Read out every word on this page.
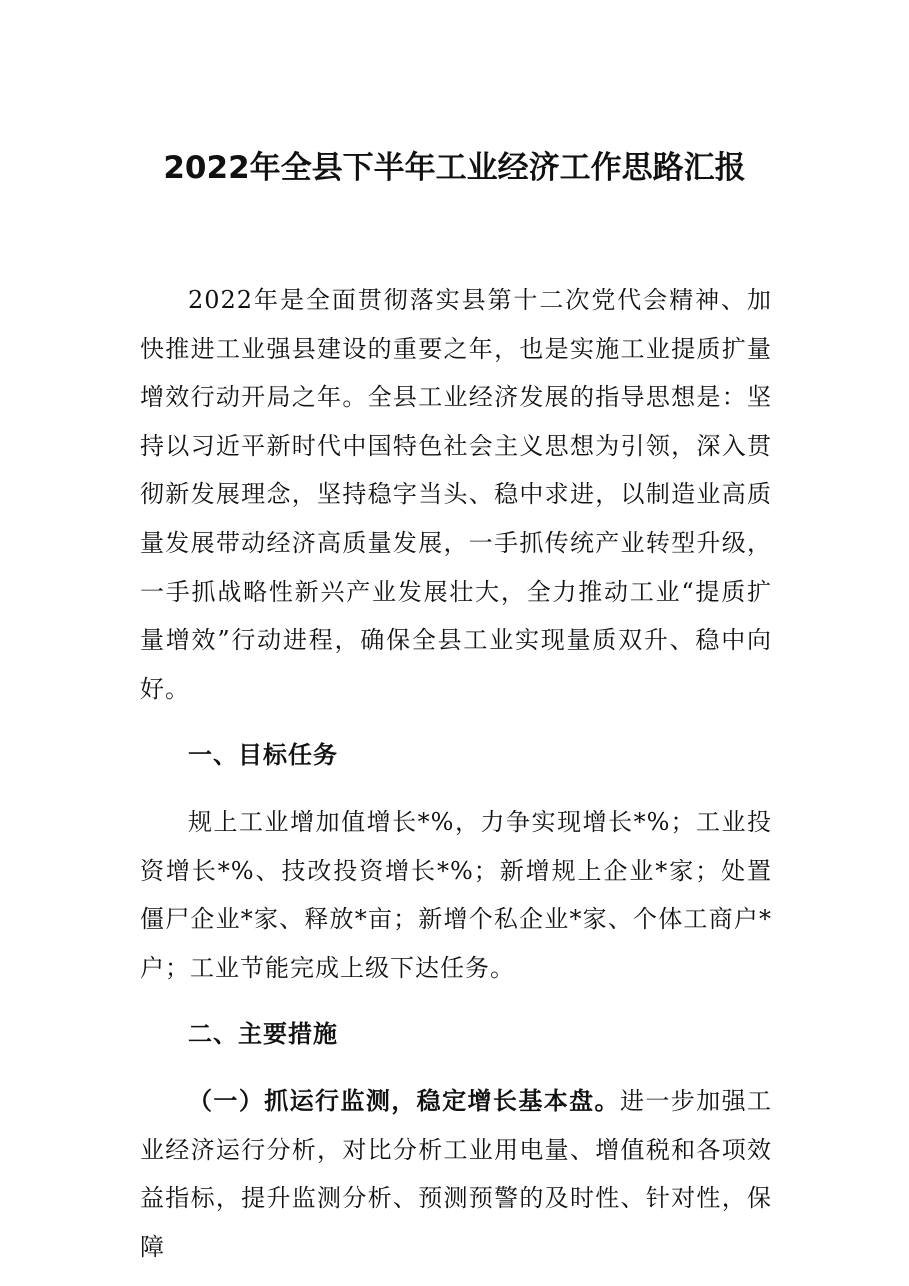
2022年全县下半年工业经济工作思路汇报

2022年是全面贯彻落实县第十二次党代会精神、加快推进工业强县建设的重要之年，也是实施工业提质扩量增效行动开局之年。全县工业经济发展的指导思想是：坚持以习近平新时代中国特色社会主义思想为引领，深入贯彻新发展理念，坚持稳字当头、稳中求进，以制造业高质量发展带动经济高质量发展，一手抓传统产业转型升级，一手抓战略性新兴产业发展壮大，全力推动工业“提质扩量增效”行动进程，确保全县工业实现量质双升、稳中向好。

一、目标任务

规上工业增加值增长*%，力争实现增长*%；工业投资增长*%、技改投资增长*%；新增规上企业*家；处置僵尸企业*家、释放*亩；新增个私企业*家、个体工商户*户；工业节能完成上级下达任务。

二、主要措施

（一）抓运行监测，稳定增长基本盘。进一步加强工业经济运行分析，对比分析工业用电量、增值税和各项效益指标，提升监测分析、预测预警的及时性、针对性，保障
